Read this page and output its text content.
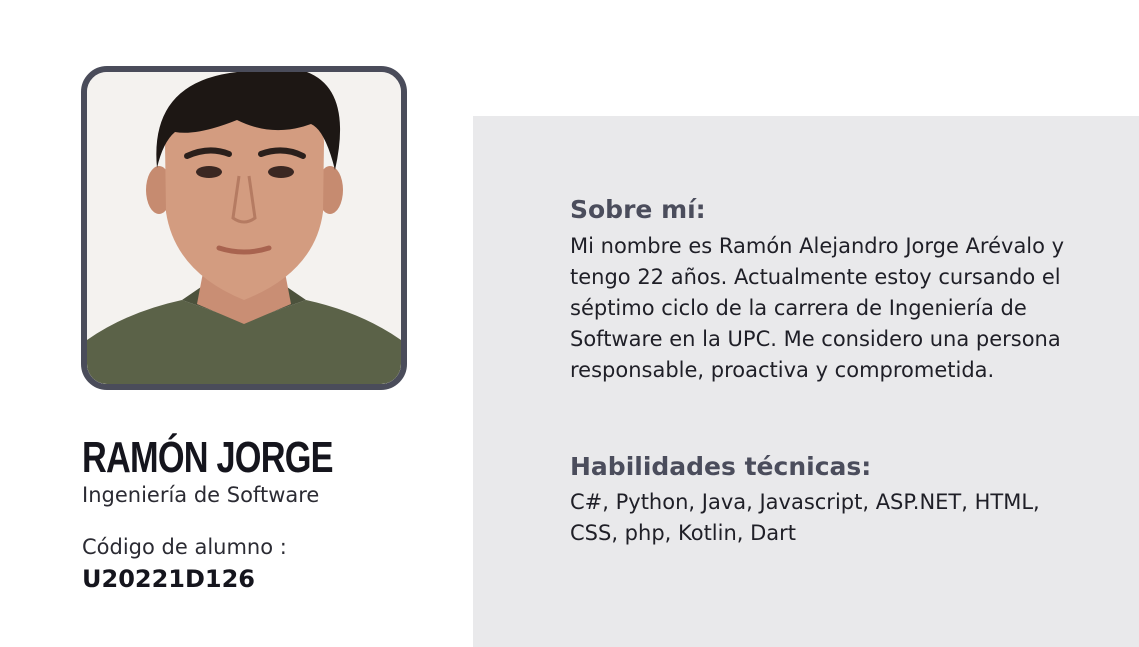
RAMÓN JORGE
Ingeniería de Software
Código de alumno :
U20221D126
Sobre mí:

Mi nombre es Ramón Alejandro Jorge Arévalo y tengo 22 años. Actualmente estoy cursando el séptimo ciclo de la carrera de Ingeniería de Software en la UPC. Me considero una persona responsable, proactiva y comprometida.

Habilidades técnicas:

C#, Python, Java, Javascript, ASP.NET, HTML, CSS, php, Kotlin, Dart
